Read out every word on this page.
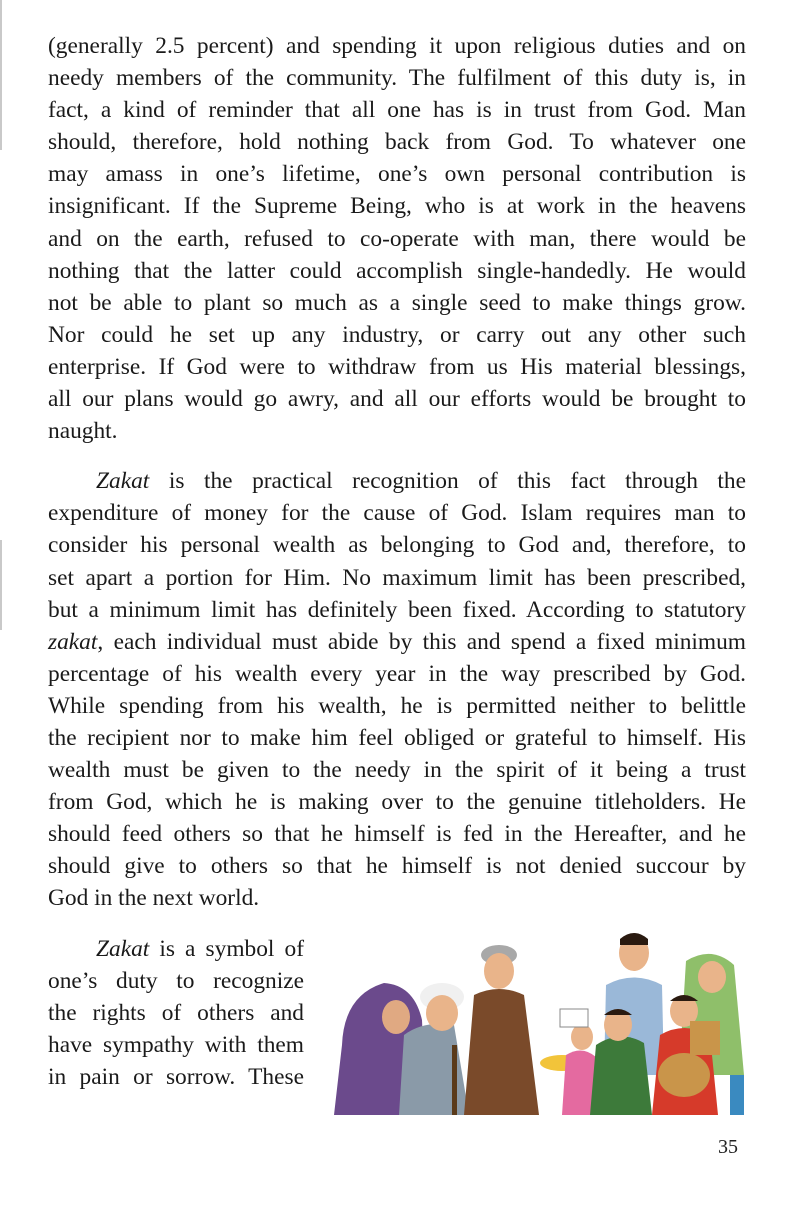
(generally 2.5 percent) and spending it upon religious duties and on
needy members of the community. The fulfilment of this duty is, in
fact, a kind of reminder that all one has is in trust from God. Man
should, therefore, hold nothing back from God. To whatever one
may amass in one’s lifetime, one’s own personal contribution is
insignificant. If the Supreme Being, who is at work in the heavens
and on the earth, refused to co-operate with man, there would be
nothing that the latter could accomplish single-handedly. He would
not be able to plant so much as a single seed to make things grow.
Nor could he set up any industry, or carry out any other such
enterprise. If God were to withdraw from us His material blessings,
all our plans would go awry, and all our efforts would be brought to
naught.
Zakat is the practical recognition of this fact through the
expenditure of money for the cause of God. Islam requires man to
consider his personal wealth as belonging to God and, therefore, to
set apart a portion for Him. No maximum limit has been prescribed,
but a minimum limit has definitely been fixed. According to statutory
zakat, each individual must abide by this and spend a fixed minimum
percentage of his wealth every year in the way prescribed by God.
While spending from his wealth, he is permitted neither to belittle
the recipient nor to make him feel obliged or grateful to himself. His
wealth must be given to the needy in the spirit of it being a trust
from God, which he is making over to the genuine titleholders. He
should feed others so that he himself is fed in the Hereafter, and he
should give to others so that he himself is not denied succour by
God in the next world.
Zakat is a symbol of
one’s duty to recognize
the rights of others and
have sympathy with them
in pain or sorrow. These
35
